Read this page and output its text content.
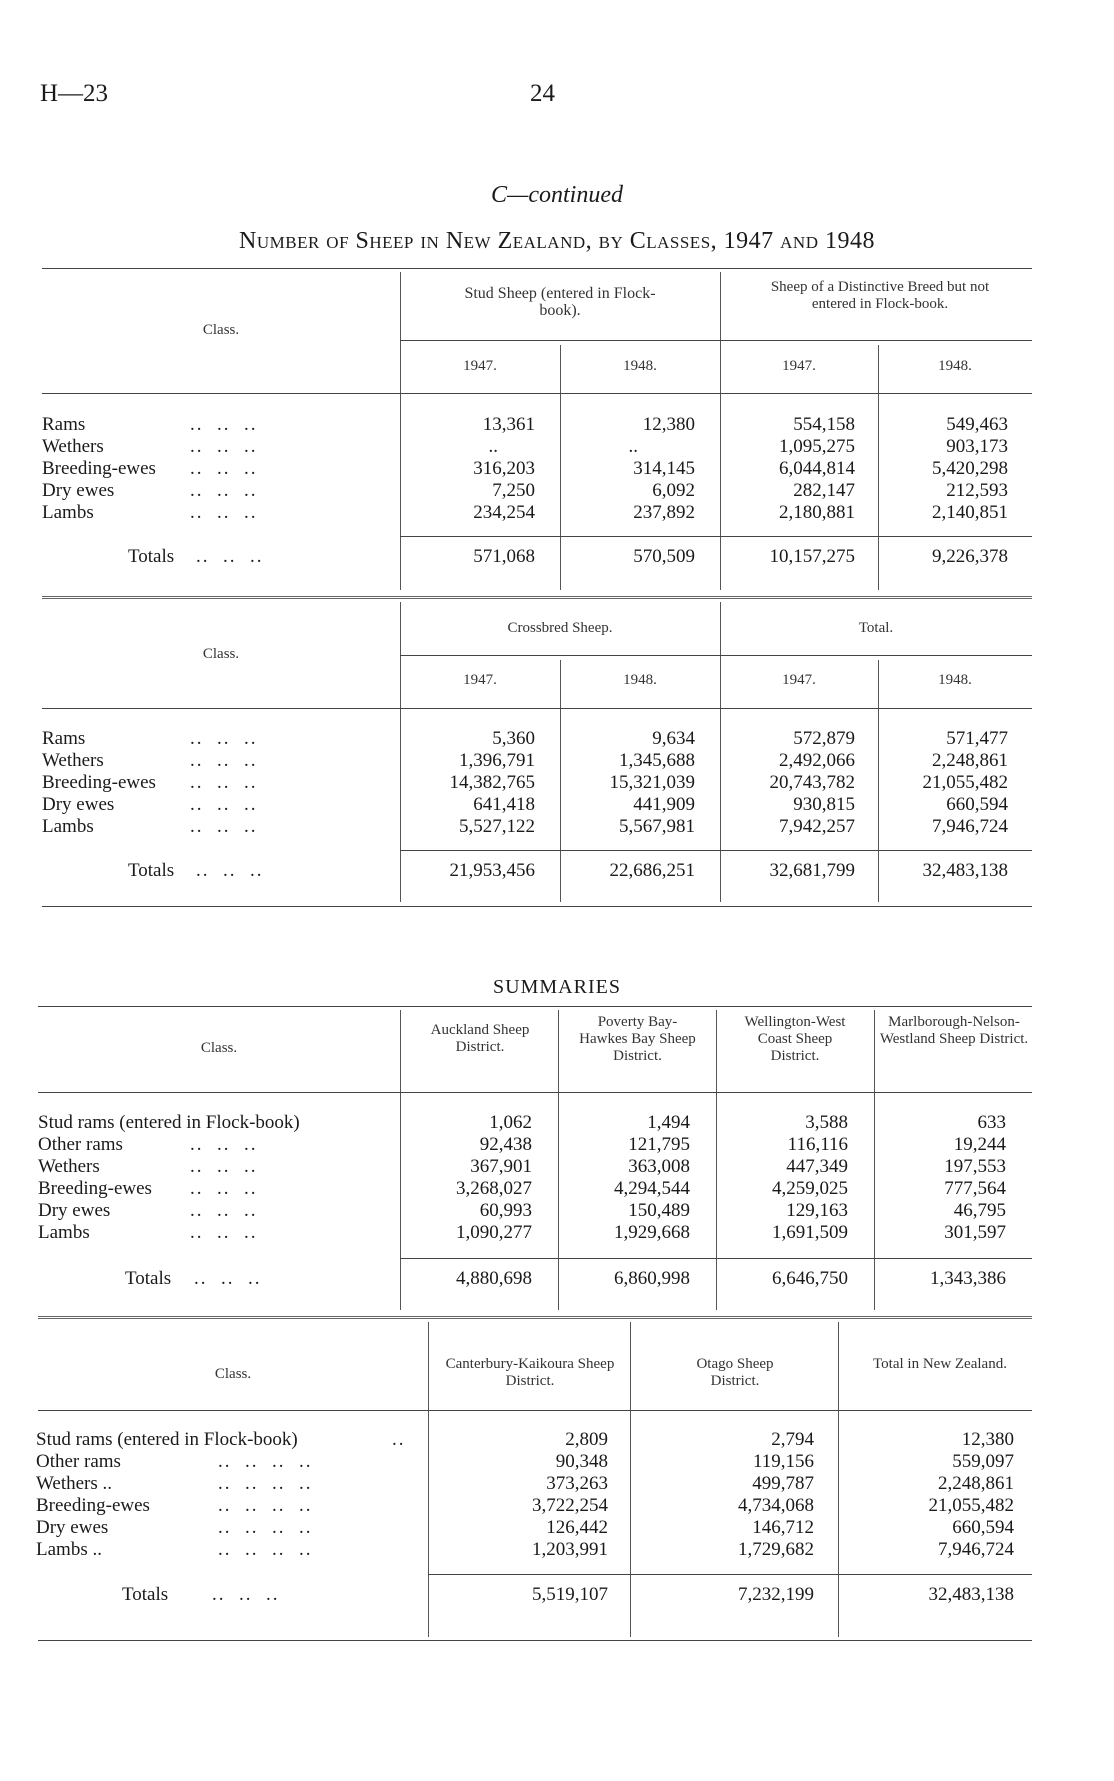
H—23	24
C—continued
Number of Sheep in New Zealand, by Classes, 1947 and 1948
Class.
Stud Sheep (entered in Flock-book).
Sheep of a Distinctive Breed but not entered in Flock-book.
1947.	1948.	1947.	1948.
Rams	..  ..  ..	13,361	12,380	554,158	549,463
Wethers	..  ..  ..	..	..	1,095,275	903,173
Breeding-ewes ..  ..  ..	316,203	314,145	6,044,814	5,420,298
Dry ewes	..  ..  ..	7,250	6,092	282,147	212,593
Lambs	..  ..  ..	234,254	237,892	2,180,881	2,140,851
Totals ..  ..  ..	571,068	570,509	10,157,275	9,226,378
Class.
Crossbred Sheep.	Total.
1947.	1948.	1947.	1948.
Rams	..  ..  ..	5,360	9,634	572,879	571,477
Wethers	..  ..  ..	1,396,791	1,345,688	2,492,066	2,248,861
Breeding-ewes ..  ..  ..	14,382,765	15,321,039	20,743,782	21,055,482
Dry ewes	..  ..  ..	641,418	441,909	930,815	660,594
Lambs	..  ..  ..	5,527,122	5,567,981	7,942,257	7,946,724
Totals ..  ..  ..	21,953,456	22,686,251	32,681,799	32,483,138
SUMMARIES
Class.
Auckland Sheep District.
Poverty Bay-Hawkes Bay Sheep District.
Wellington-West Coast Sheep District.
Marlborough-Nelson-Westland Sheep District.
Stud rams (entered in Flock-book)	1,062	1,494	3,588	633
Other rams	..  ..  ..	92,438	121,795	116,116	19,244
Wethers	..  ..  ..	367,901	363,008	447,349	197,553
Breeding-ewes ..  ..  ..	3,268,027	4,294,544	4,259,025	777,564
Dry ewes	..  ..  ..	60,993	150,489	129,163	46,795
Lambs	..  ..  ..	1,090,277	1,929,668	1,691,509	301,597
Totals ..  ..  ..	4,880,698	6,860,998	6,646,750	1,343,386
Class.
Canterbury-Kaikoura Sheep District.
Otago Sheep District.
Total in New Zealand.
Stud rams (entered in Flock-book)	..	2,809	2,794	12,380
Other rams	..  ..  ..  ..	90,348	119,156	559,097
Wethers ..	..  ..  ..  ..	373,263	499,787	2,248,861
Breeding-ewes	..  ..  ..  ..	3,722,254	4,734,068	21,055,482
Dry ewes	..  ..  ..  ..	126,442	146,712	660,594
Lambs ..	..  ..  ..  ..	1,203,991	1,729,682	7,946,724
Totals ..  ..  ..	5,519,107	7,232,199	32,483,138
